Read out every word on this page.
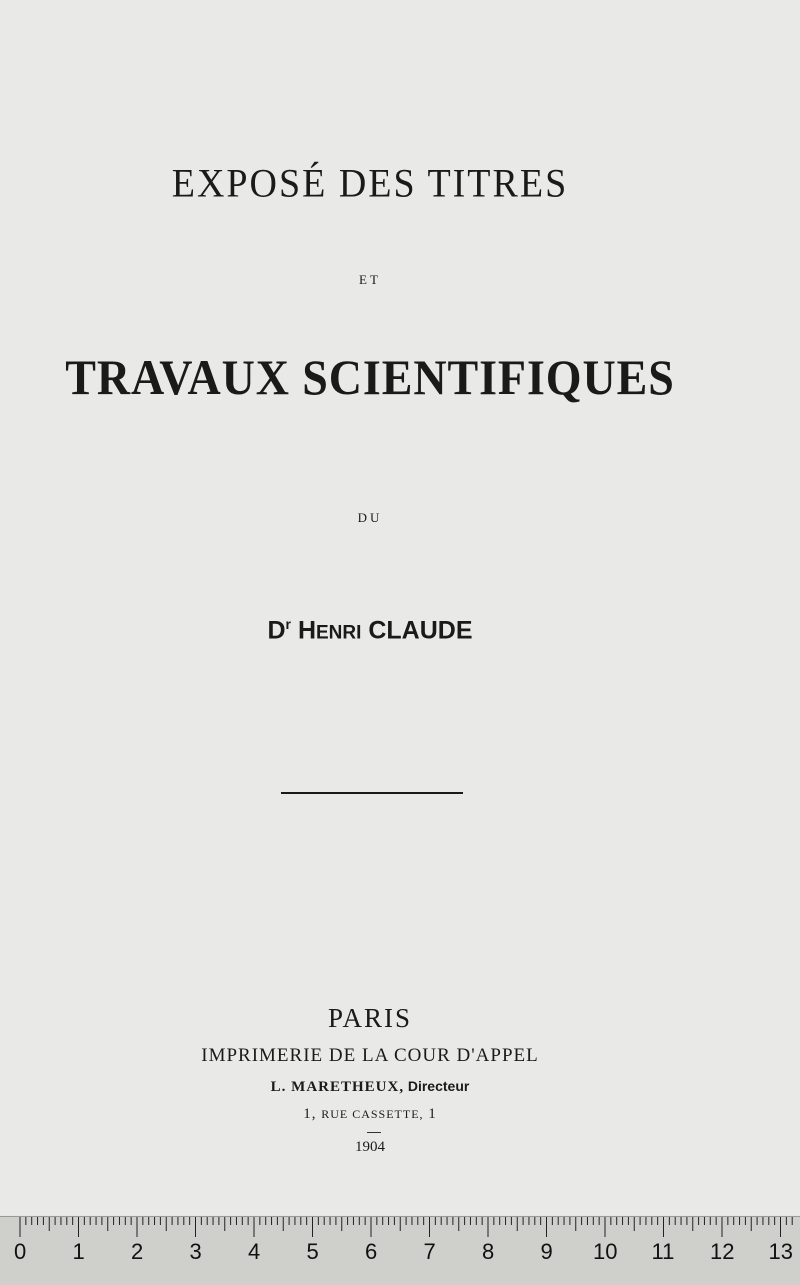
EXPOSÉ DES TITRES
ET
TRAVAUX SCIENTIFIQUES
DU
$D^r$ HENRI CLAUDE
PARIS
IMPRIMERIE DE LA COUR D'APPEL
L. MARETHEUX, Directeur
1, RUE CASSETTE, 1
1904
0 1 2 3 4 5 6 7 8 9 10 11 12 13
